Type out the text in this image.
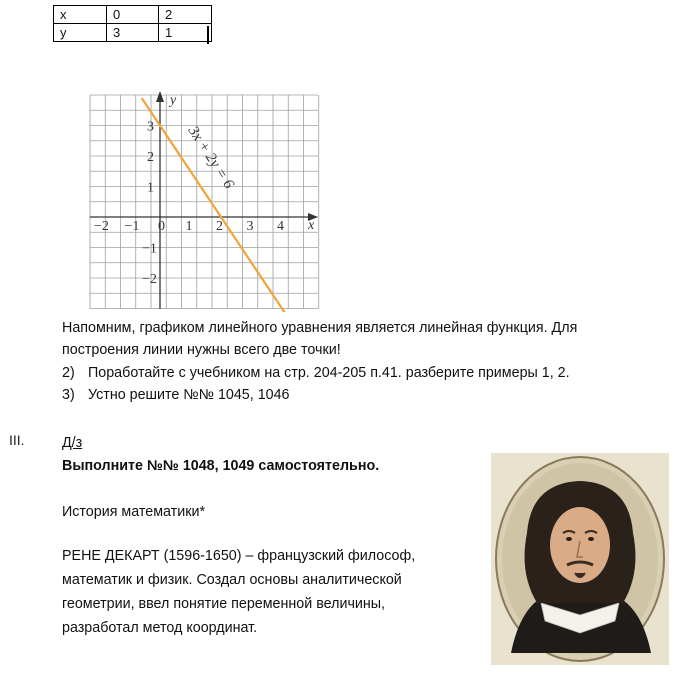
x	0	2
y	3	1
x
y
−2 −1 0 1 2 3 4
3
2
1
−1
−2
3x + 2y = 6
Напомним, графиком линейного уравнения является линейная функция. Для
построения линии нужны всего две точки!
2) Поработайте с учебником на стр. 204-205 п.41. разберите примеры 1, 2.
3) Устно решите №№ 1045, 1046
III.	Д/з
Выполните №№ 1048, 1049 самостоятельно.
История математики*
РЕНЕ ДЕКАРТ (1596-1650) – французский философ,
математик и физик. Создал основы аналитической
геометрии, ввел понятие переменной величины,
разработал метод координат.
